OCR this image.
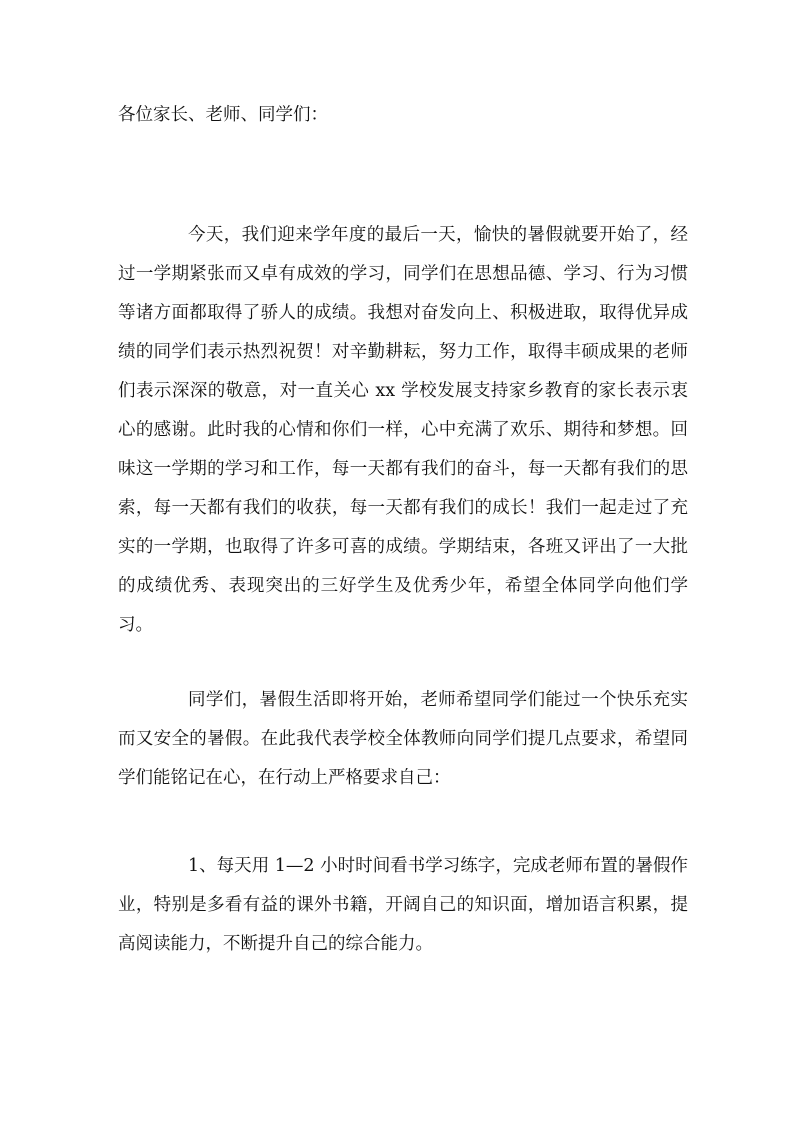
各位家长、老师、同学们：

今天，我们迎来学年度的最后一天，愉快的暑假就要开始了，经过一学期紧张而又卓有成效的学习，同学们在思想品德、学习、行为习惯等诸方面都取得了骄人的成绩。我想对奋发向上、积极进取，取得优异成绩的同学们表示热烈祝贺！对辛勤耕耘，努力工作，取得丰硕成果的老师们表示深深的敬意，对一直关心 xx 学校发展支持家乡教育的家长表示衷心的感谢。此时我的心情和你们一样，心中充满了欢乐、期待和梦想。回味这一学期的学习和工作，每一天都有我们的奋斗，每一天都有我们的思索，每一天都有我们的收获，每一天都有我们的成长！我们一起走过了充实的一学期，也取得了许多可喜的成绩。学期结束，各班又评出了一大批的成绩优秀、表现突出的三好学生及优秀少年，希望全体同学向他们学习。

同学们，暑假生活即将开始，老师希望同学们能过一个快乐充实而又安全的暑假。在此我代表学校全体教师向同学们提几点要求，希望同学们能铭记在心，在行动上严格要求自己：

1、每天用 1—2 小时时间看书学习练字，完成老师布置的暑假作业，特别是多看有益的课外书籍，开阔自己的知识面，增加语言积累，提高阅读能力，不断提升自己的综合能力。
